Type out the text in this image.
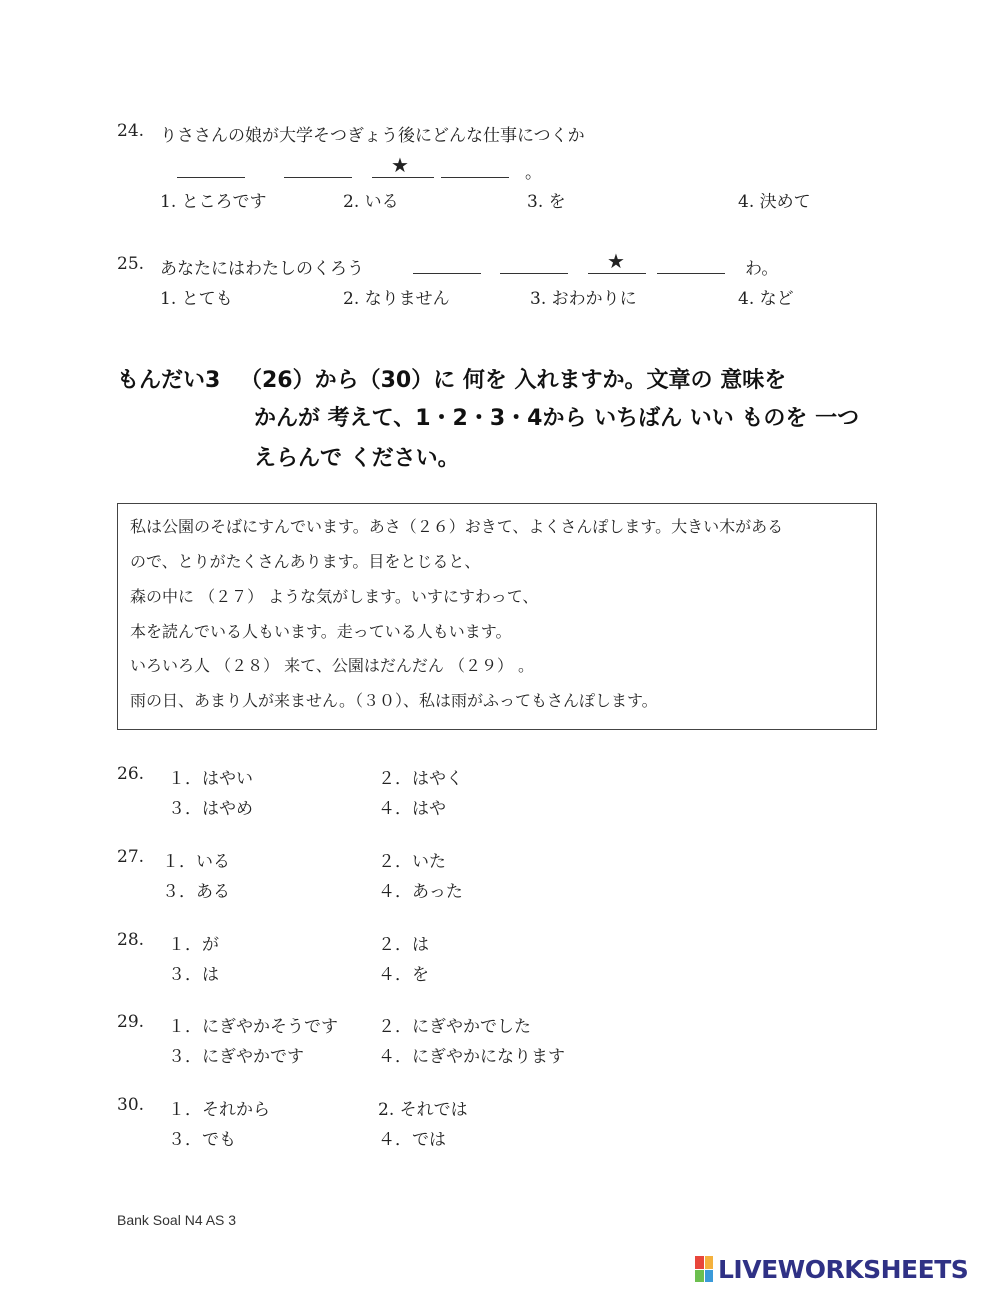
24. りささんの娘が大学そつぎょう後にどんな仕事につくか
★	。
1. ところです	2. いる	3. を	4. 決めて
25. あなたにはわたしのくろう	★	わ。
1. とても	2. なりません	3. おわかりに	4. など
もんだい3 （26）から（30）に 何を 入れますか。文章の 意味を
かんが 考えて、1・2・3・4から いちばん いい ものを 一つ
えらんで ください。
私は公園のそばにすんでいます。あさ（２６）おきて、よくさんぽします。大きい木がある
ので、とりがたくさんあります。目をとじると、
森の中に （２７） ような気がします。いすにすわって、
本を読んでいる人もいます。走っている人もいます。
いろいろ人 （２８） 来て、公園はだんだん （２９） 。
雨の日、あまり人が来ません。（３０）、私は雨がふってもさんぽします。
26. １．はやい	２．はやく
３．はやめ	４．はや
27. １．いる	２．いた
３．ある	４．あった
28. １．が	２．は
３．は	４．を
29. １．にぎやかそうです ２．にぎやかでした
３．にぎやかです	４．にぎやかになります
30. １．それから	2. それでは
３．でも	４．では
Bank Soal N4 AS 3
LIVEWORKSHEETS
